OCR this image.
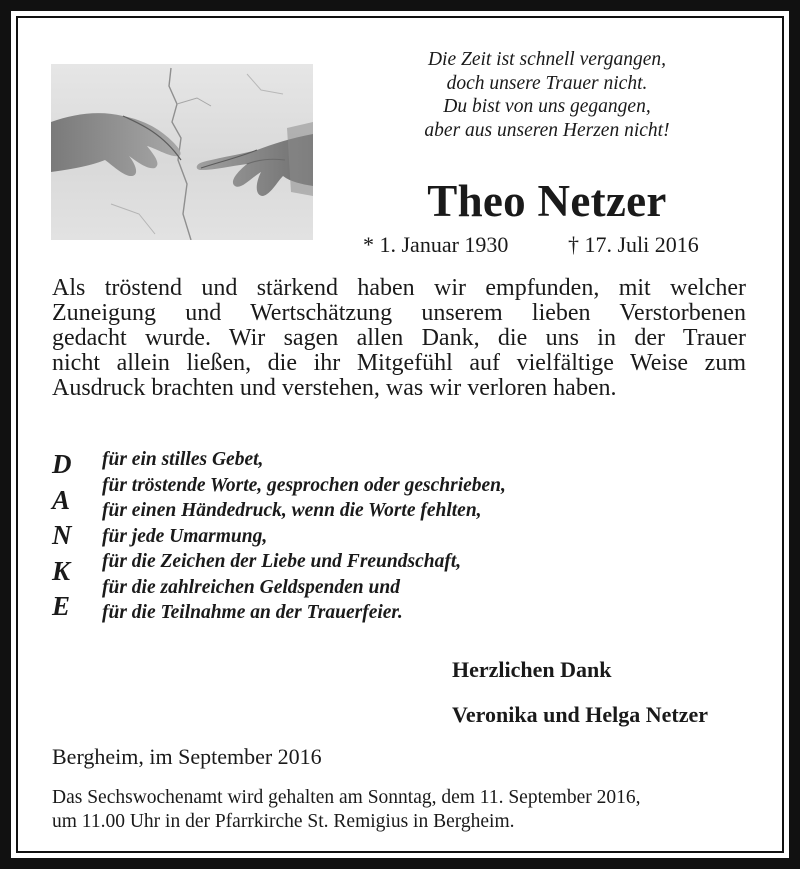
Die Zeit ist schnell vergangen,
doch unsere Trauer nicht.
Du bist von uns gegangen,
aber aus unseren Herzen nicht!
Theo Netzer
* 1. Januar 1930	† 17. Juli 2016
Als tröstend und stärkend haben wir empfunden, mit welcher
Zuneigung und Wertschätzung unserem lieben Verstorbenen
gedacht wurde. Wir sagen allen Dank, die uns in der Trauer
nicht allein ließen, die ihr Mitgefühl auf vielfältige Weise zum
Ausdruck brachten und verstehen, was wir verloren haben.
D
A
N
K
E
für ein stilles Gebet,
für tröstende Worte, gesprochen oder geschrieben,
für einen Händedruck, wenn die Worte fehlten,
für jede Umarmung,
für die Zeichen der Liebe und Freundschaft,
für die zahlreichen Geldspenden und
für die Teilnahme an der Trauerfeier.
Herzlichen Dank
Veronika und Helga Netzer
Bergheim, im September 2016
Das Sechswochenamt wird gehalten am Sonntag, dem 11. September 2016,
um 11.00 Uhr in der Pfarrkirche St. Remigius in Bergheim.
